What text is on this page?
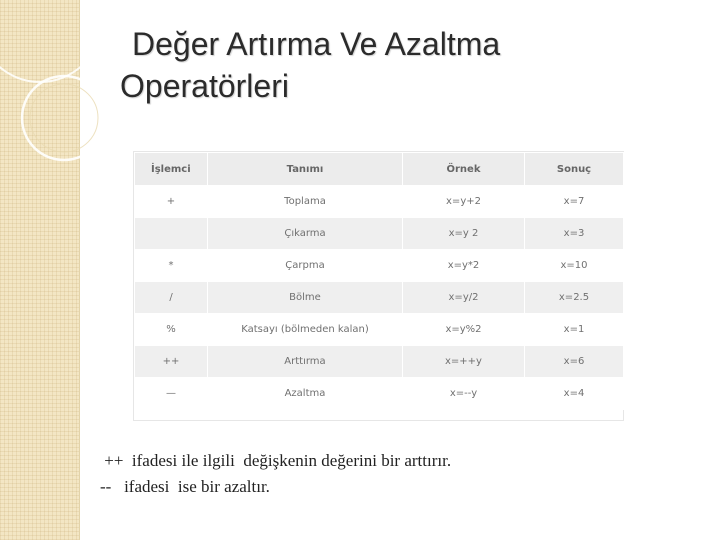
Değer Artırma Ve Azaltma
Operatörleri
İşlemci	Tanımı	Örnek	Sonuç
+	Toplama	x=y+2	x=7
	Çıkarma	x=y 2	x=3
*	Çarpma	x=y*2	x=10
/	Bölme	x=y/2	x=2.5
%	Katsayı (bölmeden kalan)	x=y%2	x=1
++	Arttırma	x=++y	x=6
—	Azaltma	x=--y	x=4
++  ifadesi ile ilgili  değişkenin değerini bir arttırır.
--   ifadesi  ise bir azaltır.
